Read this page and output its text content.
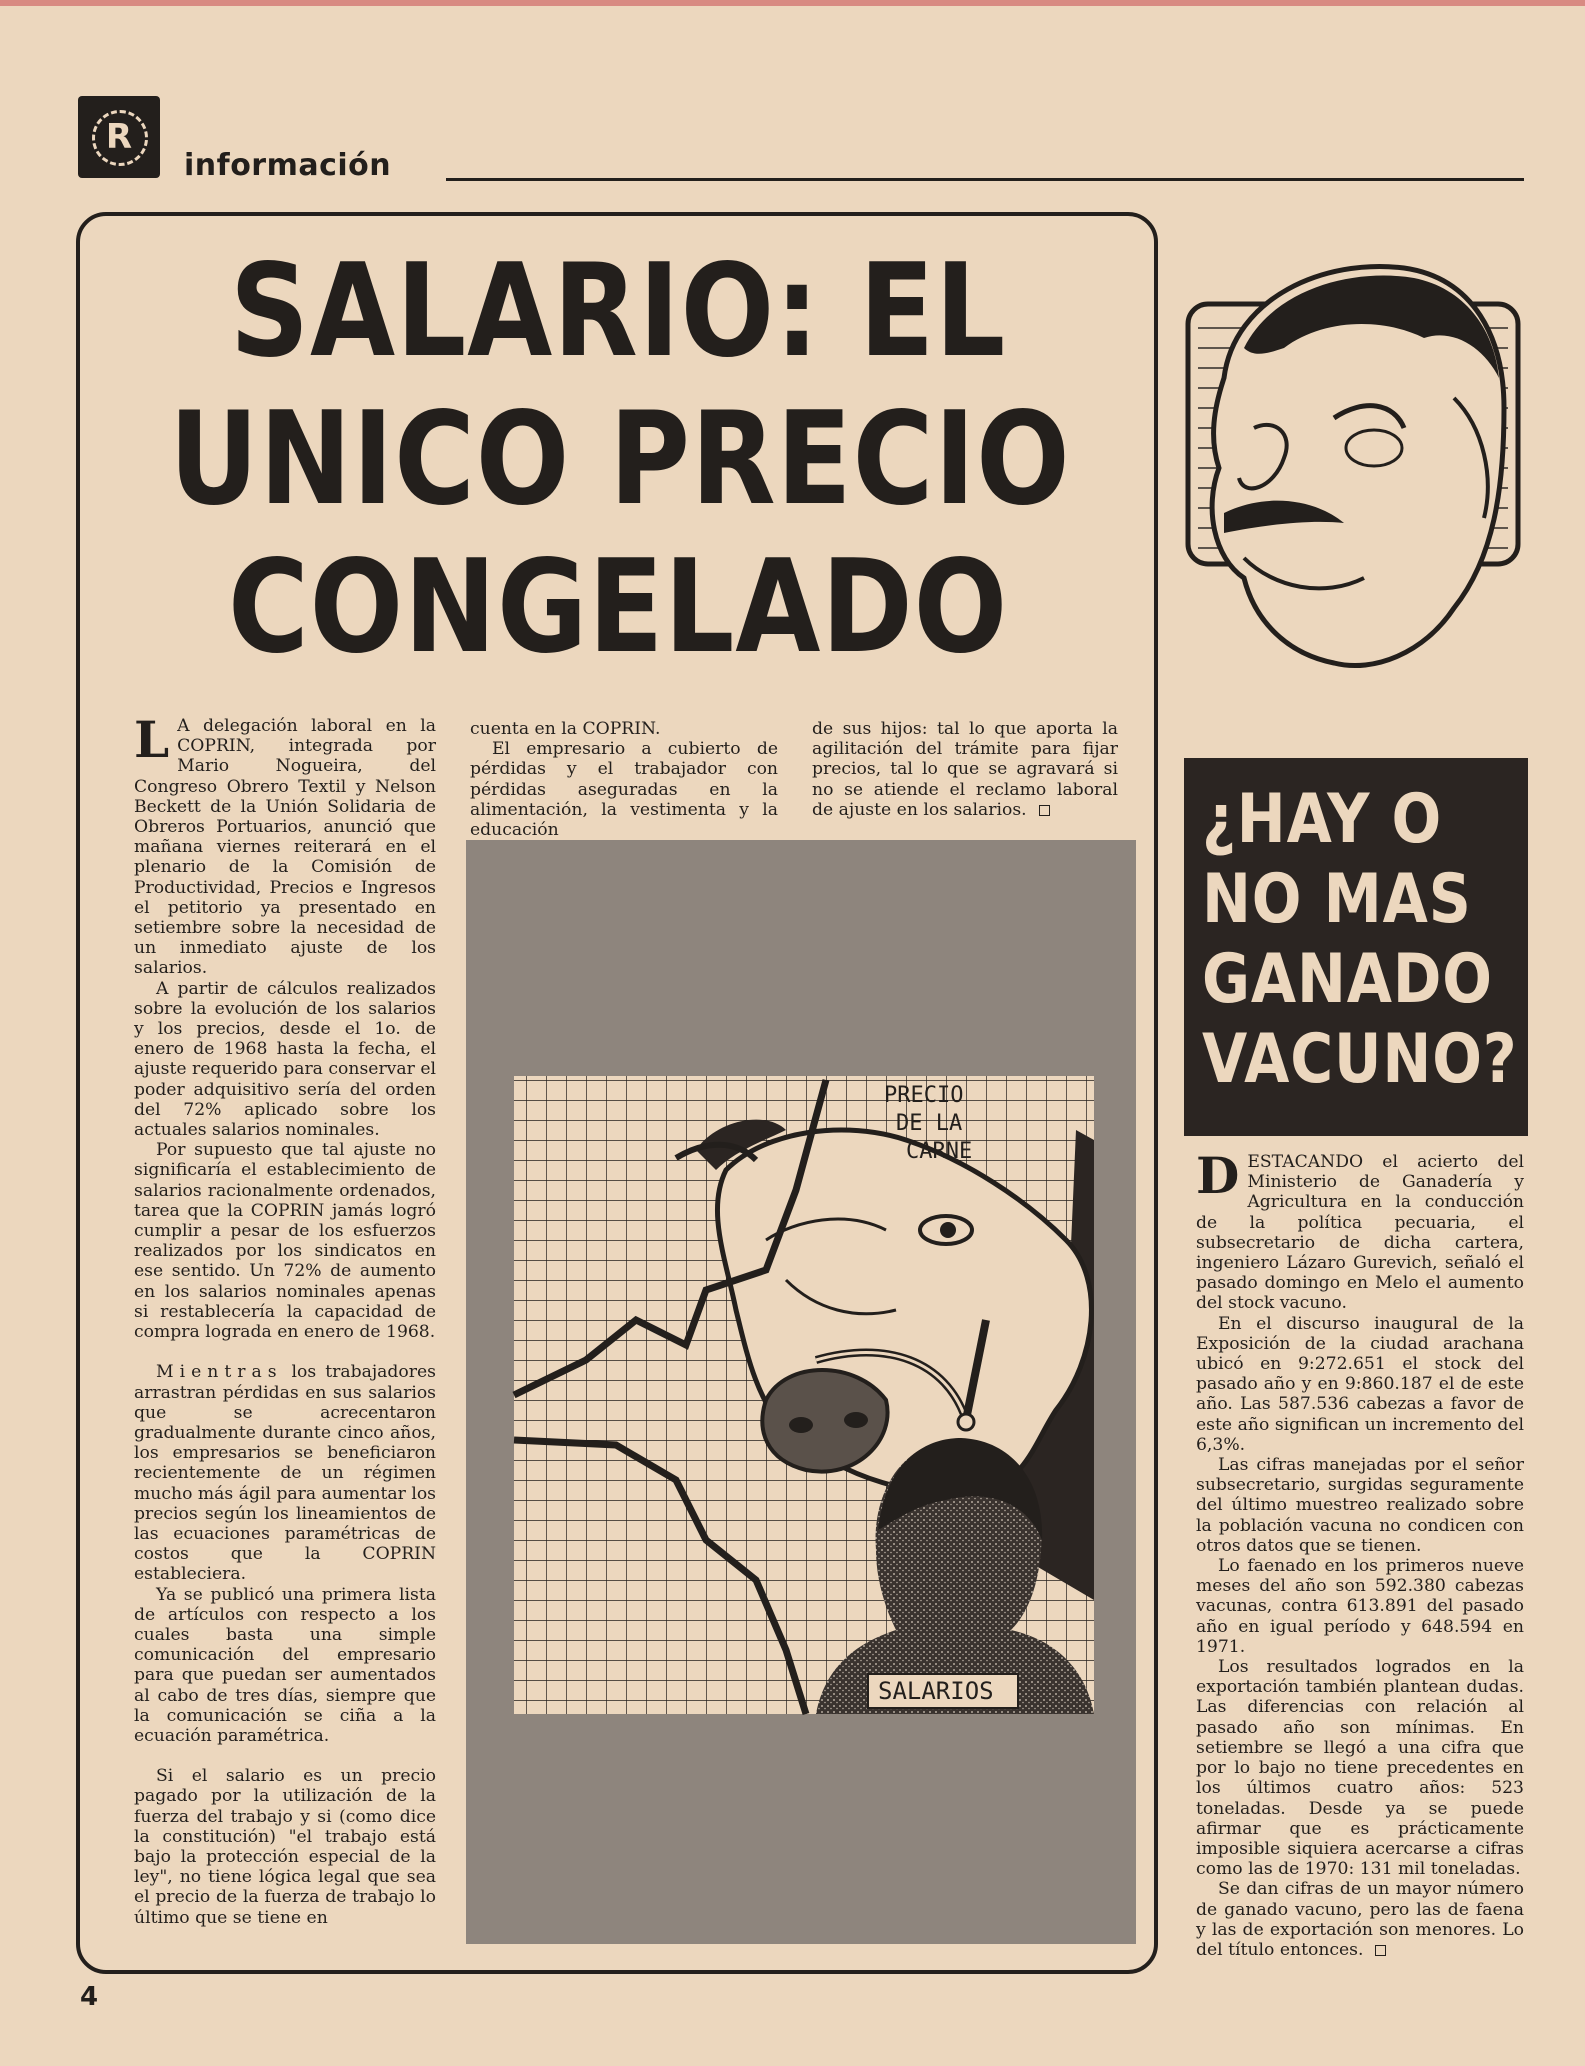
R
información
SALARIO: EL
UNICO PRECIO
CONGELADO

L A delegación laboral en la COPRIN, integrada por Mario Nogueira, del Congreso Obrero Textil y Nelson Beckett de la Unión Solidaria de Obreros Portuarios, anunció que mañana viernes reiterará en el plenario de la Comisión de Productividad, Precios e Ingresos el petitorio ya presentado en setiembre sobre la necesidad de un inmediato ajuste de los salarios.

A partir de cálculos realizados sobre la evolución de los salarios y los precios, desde el 1o. de enero de 1968 hasta la fecha, el ajuste requerido para conservar el poder adquisitivo sería del orden del 72% aplicado sobre los actuales salarios nominales.

Por supuesto que tal ajuste no significaría el establecimiento de salarios racionalmente ordenados, tarea que la COPRIN jamás logró cumplir a pesar de los esfuerzos realizados por los sindicatos en ese sentido. Un 72% de aumento en los salarios nominales apenas si restablecería la capacidad de compra lograda en enero de 1968.

Mientras los trabajadores arrastran pérdidas en sus salarios que se acrecentaron gradualmente durante cinco años, los empresarios se beneficiaron recientemente de un régimen mucho más ágil para aumentar los precios según los lineamientos de las ecuaciones paramétricas de costos que la COPRIN estableciera.

Ya se publicó una primera lista de artículos con respecto a los cuales basta una simple comunicación del empresario para que puedan ser aumentados al cabo de tres días, siempre que la comunicación se ciña a la ecuación paramétrica.

Si el salario es un precio pagado por la utilización de la fuerza del trabajo y si (como dice la constitución) "el trabajo está bajo la protección especial de la ley", no tiene lógica legal que sea el precio de la fuerza de trabajo lo último que se tiene en

cuenta en la COPRIN.

El empresario a cubierto de pérdidas y el trabajador con pérdidas aseguradas en la alimentación, la vestimenta y la educación

de sus hijos: tal lo que aporta la agilitación del trámite para fijar precios, tal lo que se agravará si no se atiende el reclamo laboral de ajuste en los salarios.

PRECIO
DE LA
CARNE
SALARIOS
¿HAY O
NO MAS
GANADO
VACUNO?

DESTACANDO el acierto del Ministerio de Ganadería y Agricultura en la conducción de la política pecuaria, el subsecretario de dicha cartera, ingeniero Lázaro Gurevich, señaló el pasado domingo en Melo el aumento del stock vacuno.

En el discurso inaugural de la Exposición de la ciudad arachana ubicó en 9:272.651 el stock del pasado año y en 9:860.187 el de este año. Las 587.536 cabezas a favor de este año significan un incremento del 6,3%.

Las cifras manejadas por el señor subsecretario, surgidas seguramente del último muestreo realizado sobre la población vacuna no condicen con otros datos que se tienen.

Lo faenado en los primeros nueve meses del año son 592.380 cabezas vacunas, contra 613.891 del pasado año en igual período y 648.594 en 1971.

Los resultados logrados en la exportación también plantean dudas. Las diferencias con relación al pasado año son mínimas. En setiembre se llegó a una cifra que por lo bajo no tiene precedentes en los últimos cuatro años: 523 toneladas. Desde ya se puede afirmar que es prácticamente imposible siquiera acercarse a cifras como las de 1970: 131 mil toneladas.

Se dan cifras de un mayor número de ganado vacuno, pero las de faena y las de exportación son menores. Lo del título entonces.

4
